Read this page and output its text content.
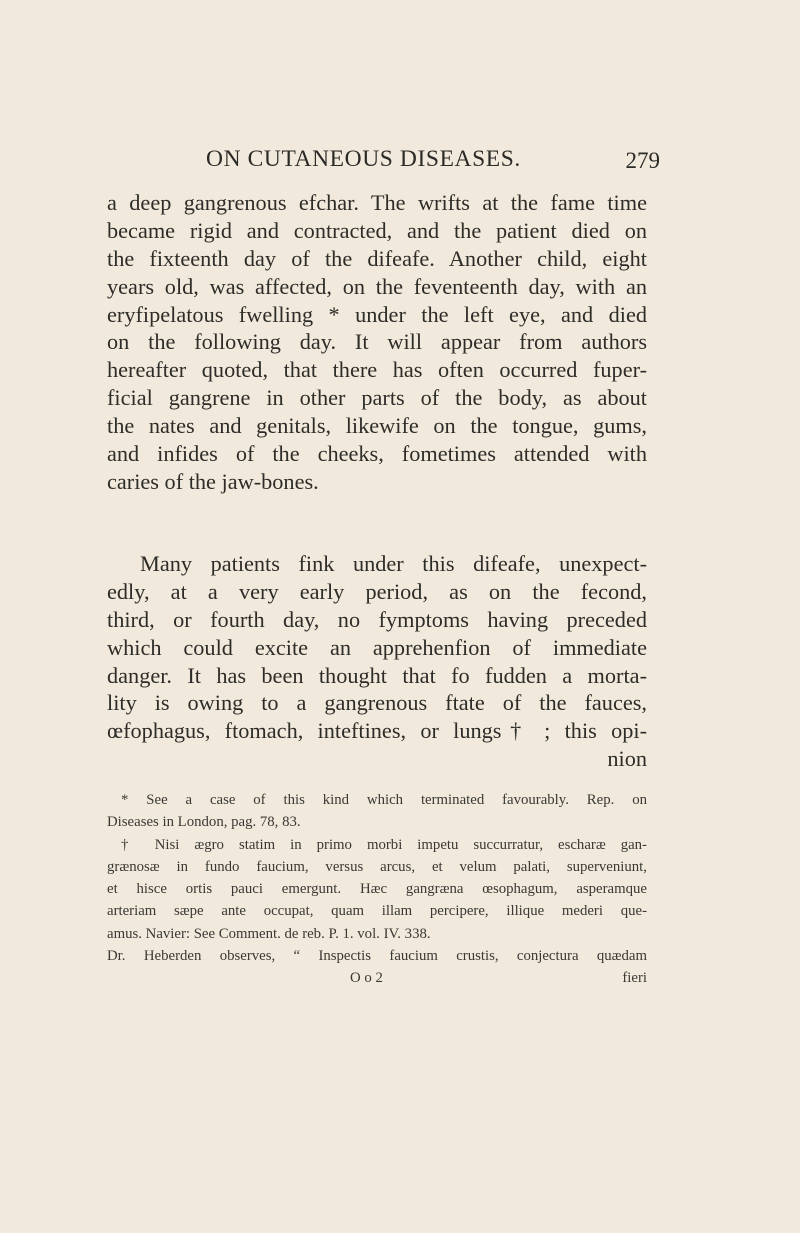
ON CUTANEOUS DISEASES.	279
a deep gangrenous efchar. The wrifts at the fame time
became rigid and contracted, and the patient died on
the fixteenth day of the difeafe. Another child, eight
years old, was affected, on the feventeenth day, with an
eryfipelatous fwelling * under the left eye, and died
on the following day. It will appear from authors
hereafter quoted, that there has often occurred fuper-
ficial gangrene in other parts of the body, as about
the nates and genitals, likewife on the tongue, gums,
and infides of the cheeks, fometimes attended with
caries of the jaw-bones.
Many patients fink under this difeafe, unexpect-
edly, at a very early period, as on the fecond,
third, or fourth day, no fymptoms having preceded
which could excite an apprehenfion of immediate
danger. It has been thought that fo fudden a morta-
lity is owing to a gangrenous ftate of the fauces,
œfophagus, ftomach, inteftines, or lungs† ; this opi-
nion
* See a case of this kind which terminated favourably. Rep. on
Diseases in London, pag. 78, 83.
† Nisi ægro statim in primo morbi impetu succurratur, escharæ gan-
grænosæ in fundo faucium, versus arcus, et velum palati, superveniunt,
et hisce ortis pauci emergunt. Hæc gangræna œsophagum, asperamque
arteriam sæpe ante occupat, quam illam percipere, illique mederi que-
amus. Navier: See Comment. de reb. P. 1. vol. IV. 338.
Dr. Heberden observes, “ Inspectis faucium crustis, conjectura quædam
O o 2	fieri
